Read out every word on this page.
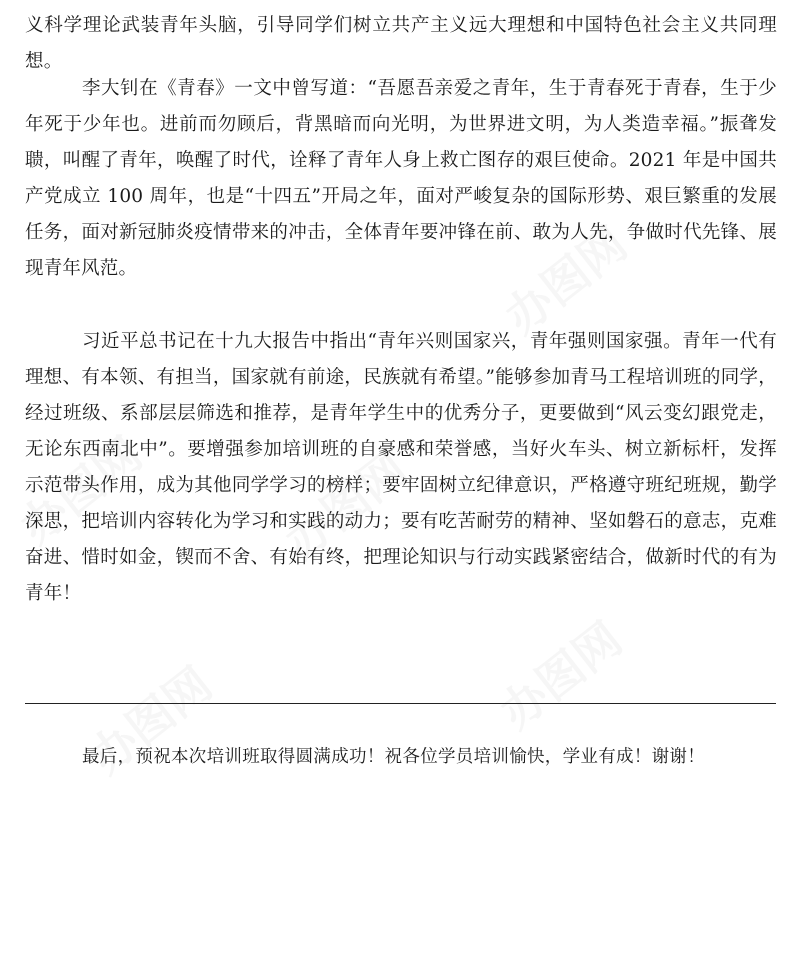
办图网
办图网
办图网
办图网
办图网

义科学理论武装青年头脑，引导同学们树立共产主义远大理想和中国特色社会主义共同理想。

李大钊在《青春》一文中曾写道：“吾愿吾亲爱之青年，生于青春死于青春，生于少年死于少年也。进前而勿顾后，背黑暗而向光明，为世界进文明，为人类造幸福。”振聋发聩，叫醒了青年，唤醒了时代，诠释了青年人身上救亡图存的艰巨使命。2021 年是中国共产党成立 100 周年，也是“十四五”开局之年，面对严峻复杂的国际形势、艰巨繁重的发展任务，面对新冠肺炎疫情带来的冲击，全体青年要冲锋在前、敢为人先，争做时代先锋、展现青年风范。

习近平总书记在十九大报告中指出“青年兴则国家兴，青年强则国家强。青年一代有理想、有本领、有担当，国家就有前途，民族就有希望。”能够参加青马工程培训班的同学，经过班级、系部层层筛选和推荐，是青年学生中的优秀分子，更要做到“风云变幻跟党走，无论东西南北中”。要增强参加培训班的自豪感和荣誉感，当好火车头、树立新标杆，发挥示范带头作用，成为其他同学学习的榜样；要牢固树立纪律意识，严格遵守班纪班规，勤学深思，把培训内容转化为学习和实践的动力；要有吃苦耐劳的精神、坚如磐石的意志，克难奋进、惜时如金，锲而不舍、有始有终，把理论知识与行动实践紧密结合，做新时代的有为青年！

最后，预祝本次培训班取得圆满成功！祝各位学员培训愉快，学业有成！谢谢！
